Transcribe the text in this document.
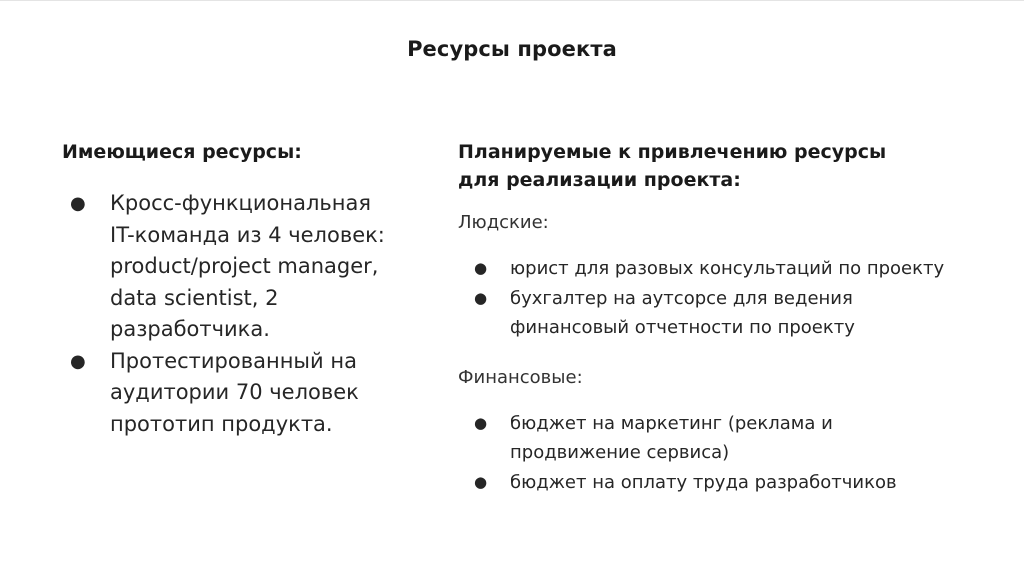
Ресурсы проекта

Имеющиеся ресурсы:

● Кросс-функциональная IT-команда из 4 человек: product/project manager, data scientist, 2 разработчика.
● Протестированный на аудитории 70 человек прототип продукта.

Планируемые к привлечению ресурсы для реализации проекта:

Людские:

● юрист для разовых консультаций по проекту
● бухгалтер на аутсорсе для ведения финансовый отчетности по проекту

Финансовые:

● бюджет на маркетинг (реклама и продвижение сервиса)
● бюджет на оплату труда разработчиков
